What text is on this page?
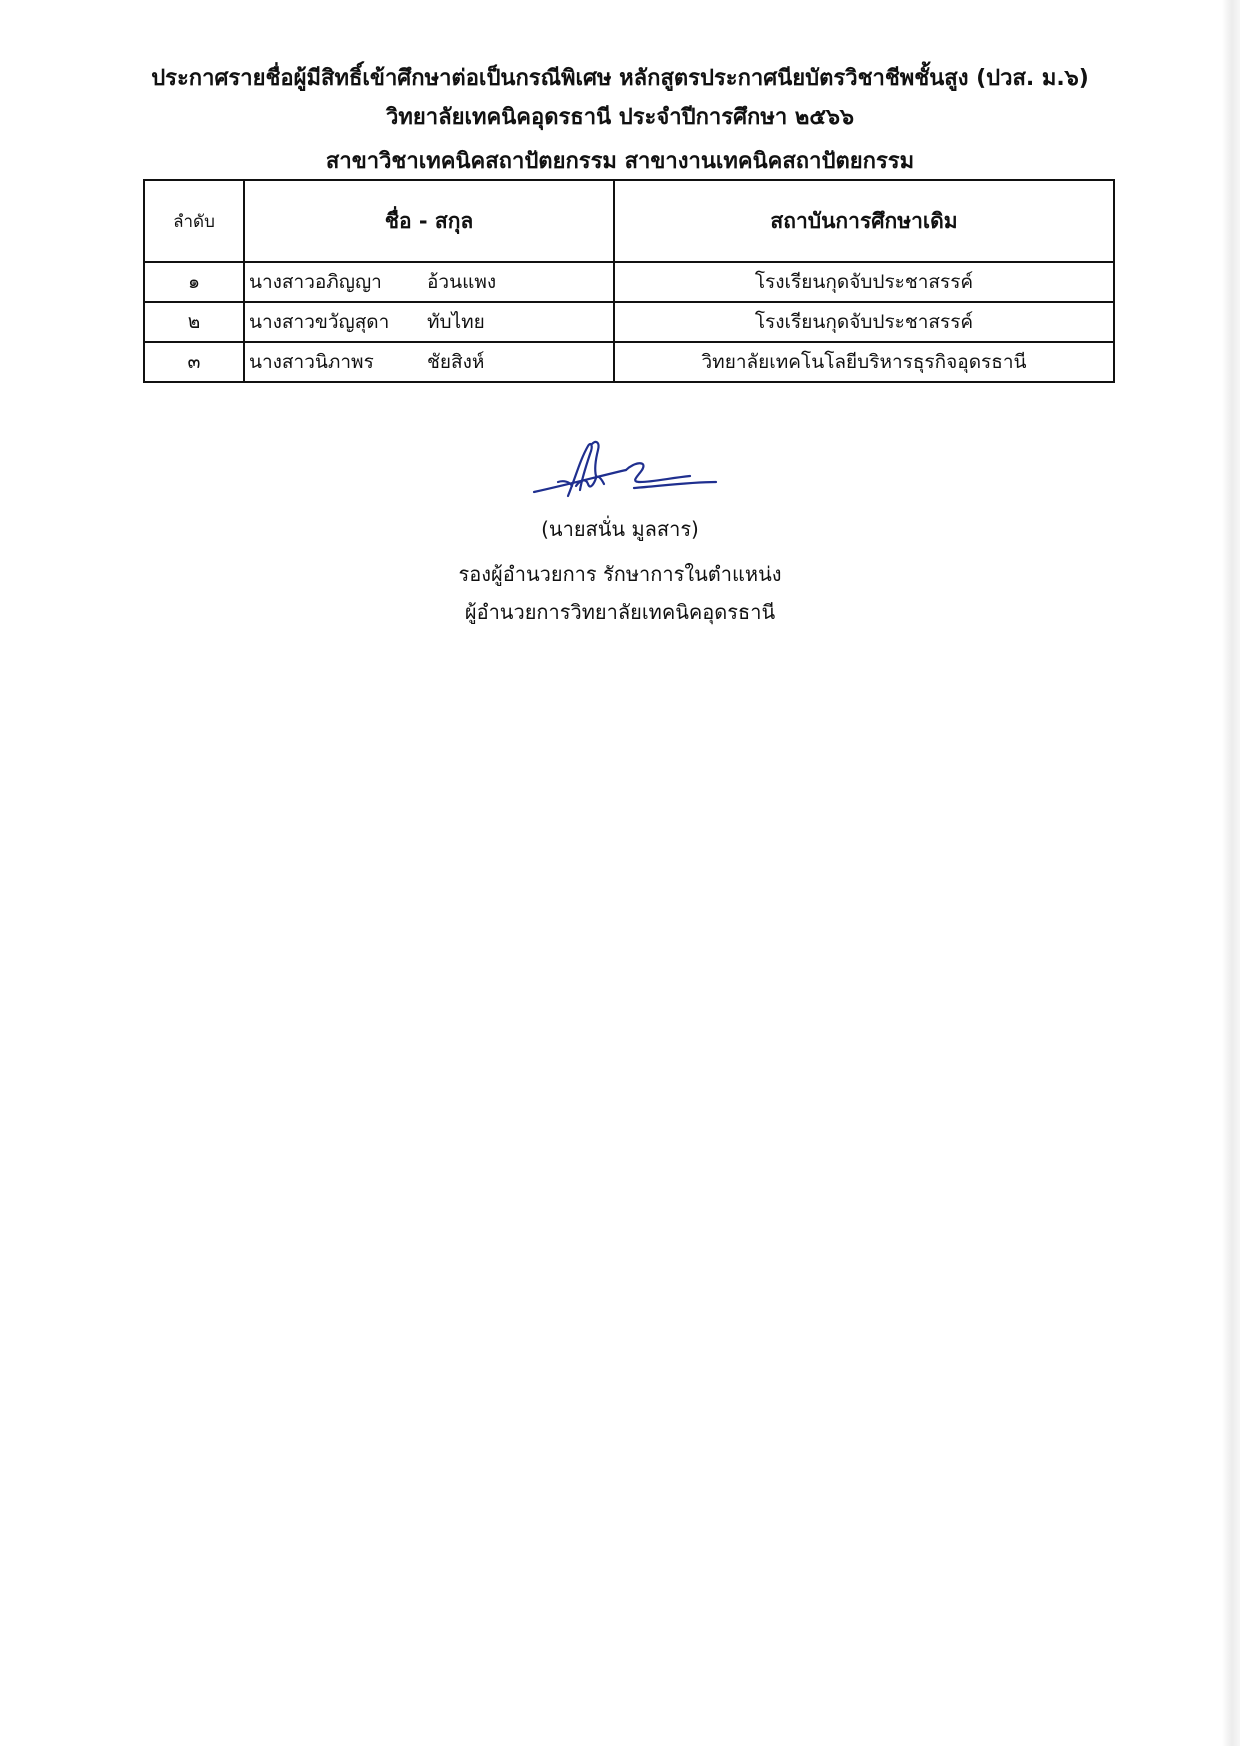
ประกาศรายชื่อผู้มีสิทธิ์เข้าศึกษาต่อเป็นกรณีพิเศษ หลักสูตรประกาศนียบัตรวิชาชีพชั้นสูง (ปวส. ม.๖)
วิทยาลัยเทคนิคอุดรธานี ประจำปีการศึกษา ๒๕๖๖
สาขาวิชาเทคนิคสถาปัตยกรรม สาขางานเทคนิคสถาปัตยกรรม
ลำดับ	ชื่อ - สกุล	สถาบันการศึกษาเดิม
๑	นางสาวอภิญญา อ้วนแพง	โรงเรียนกุดจับประชาสรรค์
๒	นางสาวขวัญสุดา ทับไทย	โรงเรียนกุดจับประชาสรรค์
๓	นางสาวนิภาพร ชัยสิงห์	วิทยาลัยเทคโนโลยีบริหารธุรกิจอุดรธานี
(นายสนั่น มูลสาร)
รองผู้อำนวยการ รักษาการในตำแหน่ง
ผู้อำนวยการวิทยาลัยเทคนิคอุดรธานี
